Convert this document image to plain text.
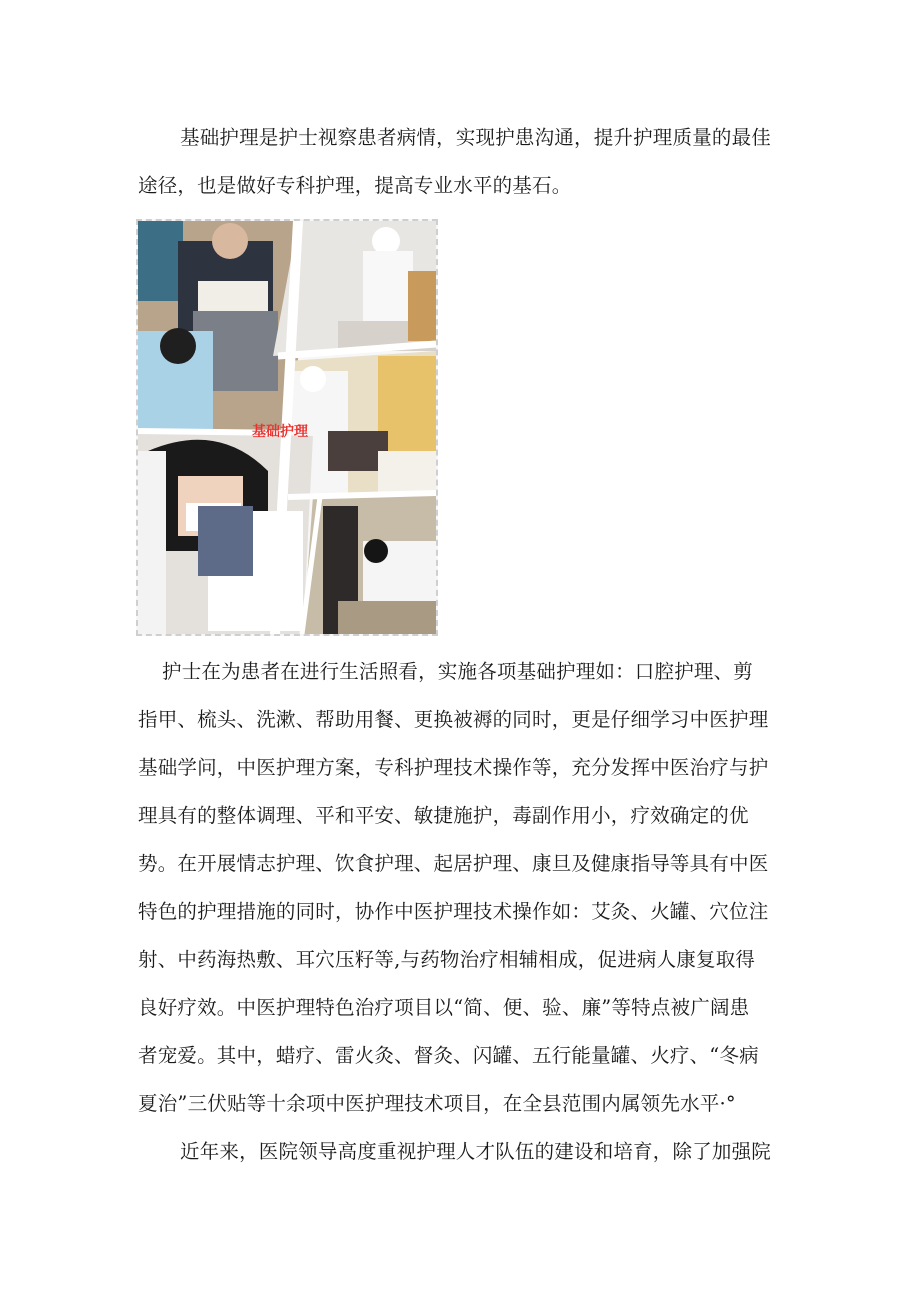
基础护理是护士视察患者病情，实现护患沟通，提升护理质量的最佳
途径，也是做好专科护理，提高专业水平的基石。
基础护理
护士在为患者在进行生活照看，实施各项基础护理如：口腔护理、剪
指甲、梳头、洗漱、帮助用餐、更换被褥的同时，更是仔细学习中医护理
基础学问，中医护理方案，专科护理技术操作等，充分发挥中医治疗与护
理具有的整体调理、平和平安、敏捷施护，毒副作用小，疗效确定的优
势。在开展情志护理、饮食护理、起居护理、康旦及健康指导等具有中医
特色的护理措施的同时，协作中医护理技术操作如：艾灸、火罐、穴位注
射、中药海热敷、耳穴压籽等,与药物治疗相辅相成，促进病人康复取得
良好疗效。中医护理特色治疗项目以“简、便、验、廉”等特点被广阔患
者宠爱。其中，蜡疗、雷火灸、督灸、闪罐、五行能量罐、火疗、“冬病
夏治”三伏贴等十余项中医护理技术项目，在全县范围内属领先水平·°
近年来，医院领导高度重视护理人才队伍的建设和培育，除了加强院
